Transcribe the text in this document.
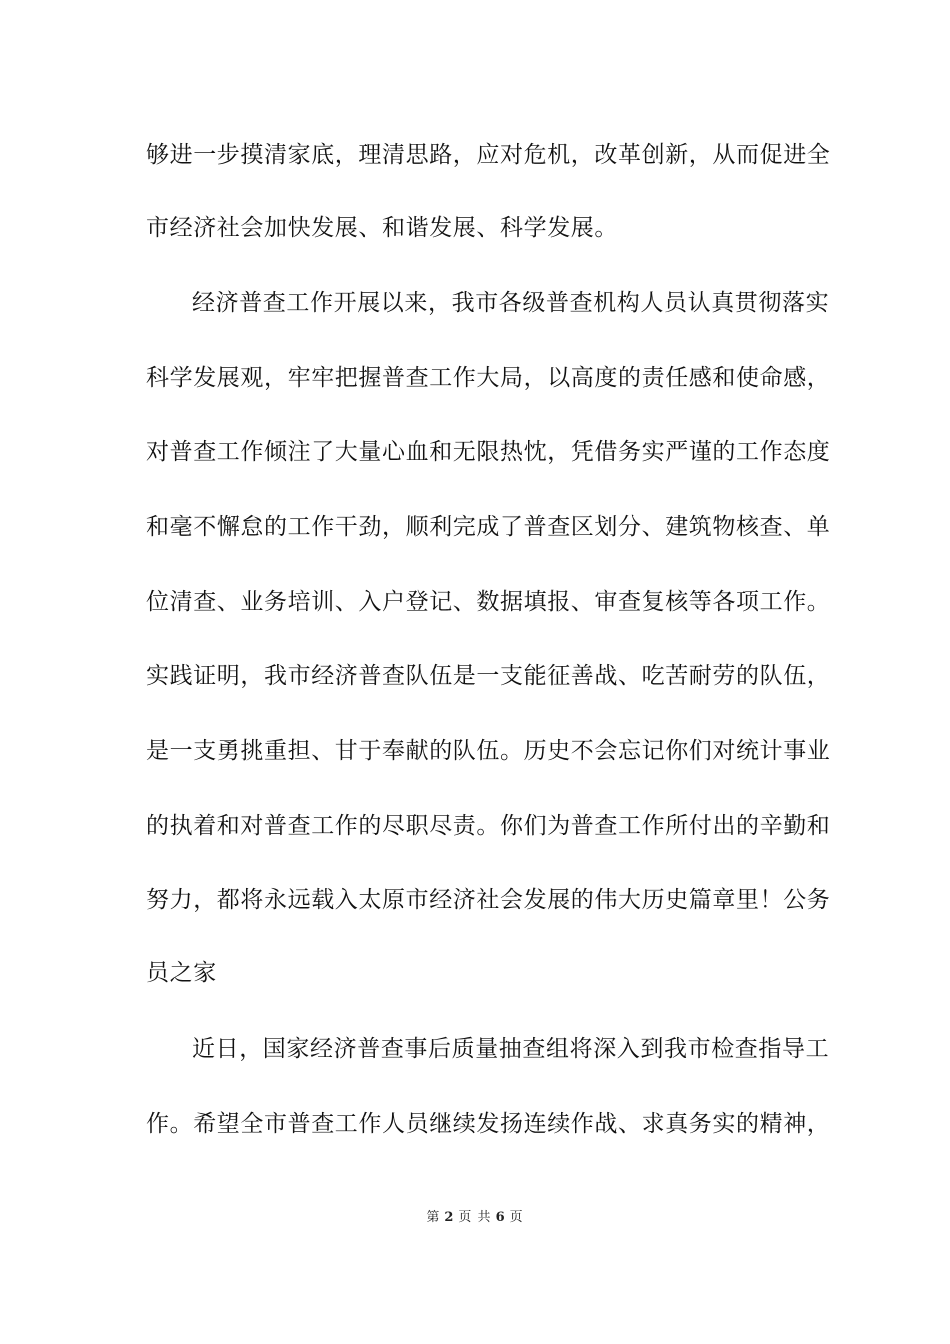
够进一步摸清家底，理清思路，应对危机，改革创新，从而促进全
市经济社会加快发展、和谐发展、科学发展。
经济普查工作开展以来，我市各级普查机构人员认真贯彻落实
科学发展观，牢牢把握普查工作大局，以高度的责任感和使命感，
对普查工作倾注了大量心血和无限热忱，凭借务实严谨的工作态度
和毫不懈怠的工作干劲，顺利完成了普查区划分、建筑物核查、单
位清查、业务培训、入户登记、数据填报、审查复核等各项工作。
实践证明，我市经济普查队伍是一支能征善战、吃苦耐劳的队伍，
是一支勇挑重担、甘于奉献的队伍。历史不会忘记你们对统计事业
的执着和对普查工作的尽职尽责。你们为普查工作所付出的辛勤和
努力，都将永远载入太原市经济社会发展的伟大历史篇章里！公务
员之家
近日，国家经济普查事后质量抽查组将深入到我市检查指导工
作。希望全市普查工作人员继续发扬连续作战、求真务实的精神，
第 2 页 共 6 页
